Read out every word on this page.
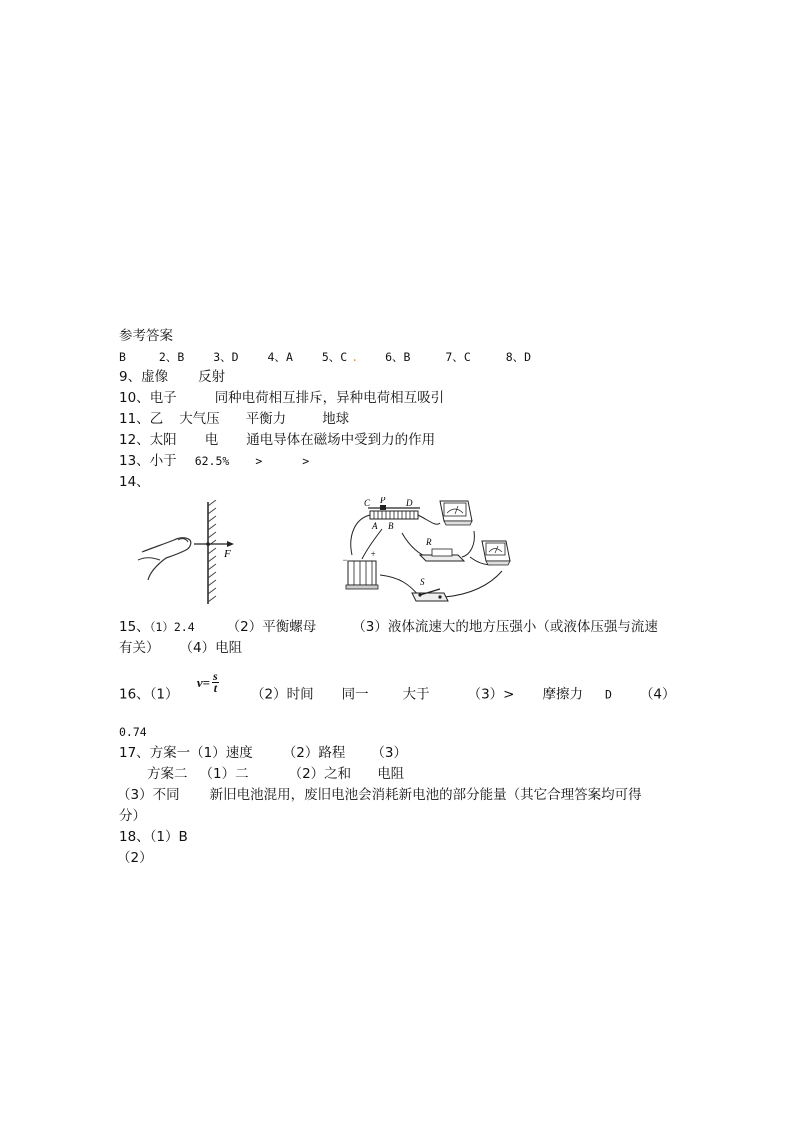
参考答案
B	2、B	3、D	4、A	5、C . 6、B	7、C	8、D
9、虚像 反射
10、电子	同种电荷相互排斥，异种电荷相互吸引
11、乙 大气压 平衡力	地球
12、太阳 电 通电导体在磁场中受到力的作用
13、小于 62.5% >	>
14、
F
C P D
A B
R
−
+
S
15、（1）2.4 （2）平衡螺母	（3）液体流速大的地方压强小（或液体压强与流速
有关） （4）电阻
16、（1） $v= \frac{s}{t}$
（2）时间 同一	大于	（3）> 摩擦力 D （4）
0.74
17、方案一（1）速度 （2）路程 （3）
方案二 （1）二	（2）之和 电阻
（3）不同 新旧电池混用，废旧电池会消耗新电池的部分能量（其它合理答案均可得
分）
18、（1）B
（2）
